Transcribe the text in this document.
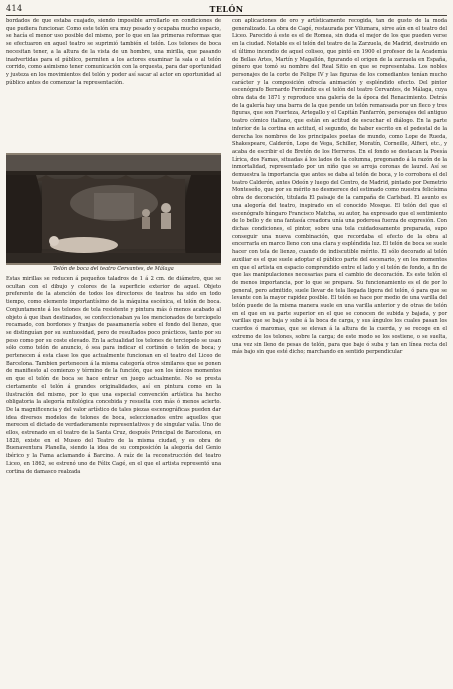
414	TELÓN
bordados de que estaba cuajado, siendo imposible arrollarlo en condiciones de que pudiera funcionar. Como este telón era muy pesado y ocupaba mucho espacio, se hacía el menor uso posible del mismo, por lo que en las primeras reformas que se efectuaron en aquel teatro se suprimió también el telón. Los telones de boca necesitan tener, a la altura de la vista de un hombre, una mirilla, que pasando inadvertidas para el público, permiten a los actores examinar la sala o al telón corrido, como asimismo tener comunicación con la orquesta, para dar oportunidad y justeza en los movimientos del telón y poder así sacar al actor en oportunidad al público antes de comenzar la representación.
Telón de boca del teatro Cervantes, de Málaga
Estas mirillas se reducen á pequeños taladros de 1 á 2 cm. de diámetro, que se ocultan con el dibujo y colores de la superficie exterior de aquel. Objeto preferente de la atención de todos los directores de teatros ha sido en todo tiempo, como elemento importantísimo de la máquina escénica, el telón de boca. Conjuntamente á los telones de tela resistente y pintura más ó menos acabado al objeto á que iban destinados, se confeccionaban ya los mencionados de terciopelo recamado, con bordones y franjas de pasamanería sobre el fondo del lienzo, que se distinguían por su suntuosidad, pero de resultados poco prácticos, tanto por su peso como por su coste elevado. En la actualidad los telones de terciopelo se usan sólo como telón de anuncio, ó sea para indicar el cortinón o telón de boca; y pertenecen á esta clase los que actualmente funcionan en el teatro del Liceo de Barcelona. Tambien pertenecen á la misma categoría otros similares que se ponen de manifiesto al comienzo y término de la función, que son los únicos momentos en que el telón de boca se hace entrar en juego actualmente. No se presta ciertamente el telón á grandes originalidades, así en pintura como en la ilustración del mismo, por lo que una especial convención artística ha hecho obligatoria la alegoría mitológica concebida y resuelta con más ó menos acierto. De la magnificencia y del valor artístico de tales piezas escenográficas pueden dar idea diversos modelos de telones de boca, seleccionados entre aquellos que merecen el dictado de verdaderamente representativos y de singular valía. Uno de ellos, estrenado en el teatro de la Santa Cruz, después Principal de Barcelona, en 1828, existe en el Museo del Teatro de la misma ciudad, y es obra de Buenaventura Planella, siendo la idea de su composición la alegoría del Genio ibérico y la Fama aclamando á Barcino. A raíz de la reconstrucción del teatro Liceo, en 1862, se estrenó uno de Félix Cagé, en el que el artista representó una cortina de damasco realzada
con aplicaciones de oro y artísticamente recogida, tan de gusto de la moda generalizado. La obra de Cagé, restaurada por Vilumara, sirve aún en el teatro del Liceo. Parecido á este es el de Romea, sin duda el mejor de los que pueden verse en la ciudad. Notable es el telón del teatro de la Zarzuela, de Madrid, destruido en el último incendio de aquel coliseo, que pintó en 1900 el profesor de la Academia de Bellas Artes, Martín y Magallón, figurando el origen de la zarzuela en España, género que tomó su nombre del Real Sitio en que se representaba. Los nobles personajes de la corte de Felipe IV y las figuras de los comediantes tenían mucho carácter y la composición ofrecía animación y espléndido efecto. Del pintor escenógrafo Bernardo Ferrándiz es el telón del teatro Cervantes, de Málaga, cuya obra data de 1871 y reproduce una galería de la época del Renacimiento. Detrás de la galería hay una barra de la que pende un telón remansada por un fleco y tres figuras, que son Fuerteza, Artegallo y el Capitán Fanfarrón, personajes del antiguo teatro cómico italiano, que están en actitud de escuchar el diálogo. En la parte inferior de la cortina en actitud, el segundo, de haber escrito en el pedestal de la derecha los nombres de los principales poetas de mundo, como Lope de Rueda, Shakespeare, Calderón, Lope de Vega, Schiller, Moratín, Corneille, Alfieri, etc., y acaba de escribir el de Bretón de los Herreros. En el fondo se destacan la Poesía Lírica, dos Famas, situadas á los lados de la columna, pregonando á la razón de la inmortalidad, representado por un niño que se arroja coronas de laurel. Así se demuestra la importancia que antes se daba al telón de boca, y lo corrobora el del teatro Calderón, antes Odeón y luego del Centro, de Madrid, pintado por Demetrio Monteseño, que por su mérito no desmerece del estimado como nuestra felicísima obra de decoración, titulada El paisaje de la campaña de Carlsbad. El asunto es una alegoría del teatro, inspirado en el conocido Mosque. El telón del que el escenógrafo húngaro Francisco Matcha, su autor, ha expresado que el sentimiento de lo bello y de una fantasía creadora unía una poderosa fuerza de expresión. Con dichas condiciones, el pintor, sobre una tela cuidadosamente preparada, supo conseguir una nueva combinación, que recordaba el efecto de la obra al encerrarla en marco lleno con una clara y espléndida luz. El telón de boca se suele hacer con tela de lienzo, cuando de indiscutible mérito. El sólo decorado al telón auxiliar es el que suele adoptar el público parte del escenario, y en los momentos en que el artista en espacio comprendido entre el lado y el telón de fondo, a fin de que las manipulaciones necesarias para el cambio de decoración. Es este telón el de menos importancia, por lo que se prepara. Su funcionamiento es el de por lo general, pero admitido, suele llevar de tela llegada ligera del telón, ó para que se levante con la mayor rapidez posible. El telón se hace por medio de una varilla del telón puede de la misma manera suele en una varilla anterior y de otras de telón en el que en su parte superior en el que se conocen de subida y bajada, y por varillas que se baja y sube á la boca de carga, y sus ángulos los cuales pasan los cuerdos ó maromas, que se elevan á la altura de la cuerda, y se recoge en el extremo de los telones, sobre la carga; de este modo se los sostiene, o se suelta, una vez sin lleno de pesas de telón, para que baje ó suba y tan en línea recta del más bajo sin que esté dicho; marchando en sentido perpendicular
